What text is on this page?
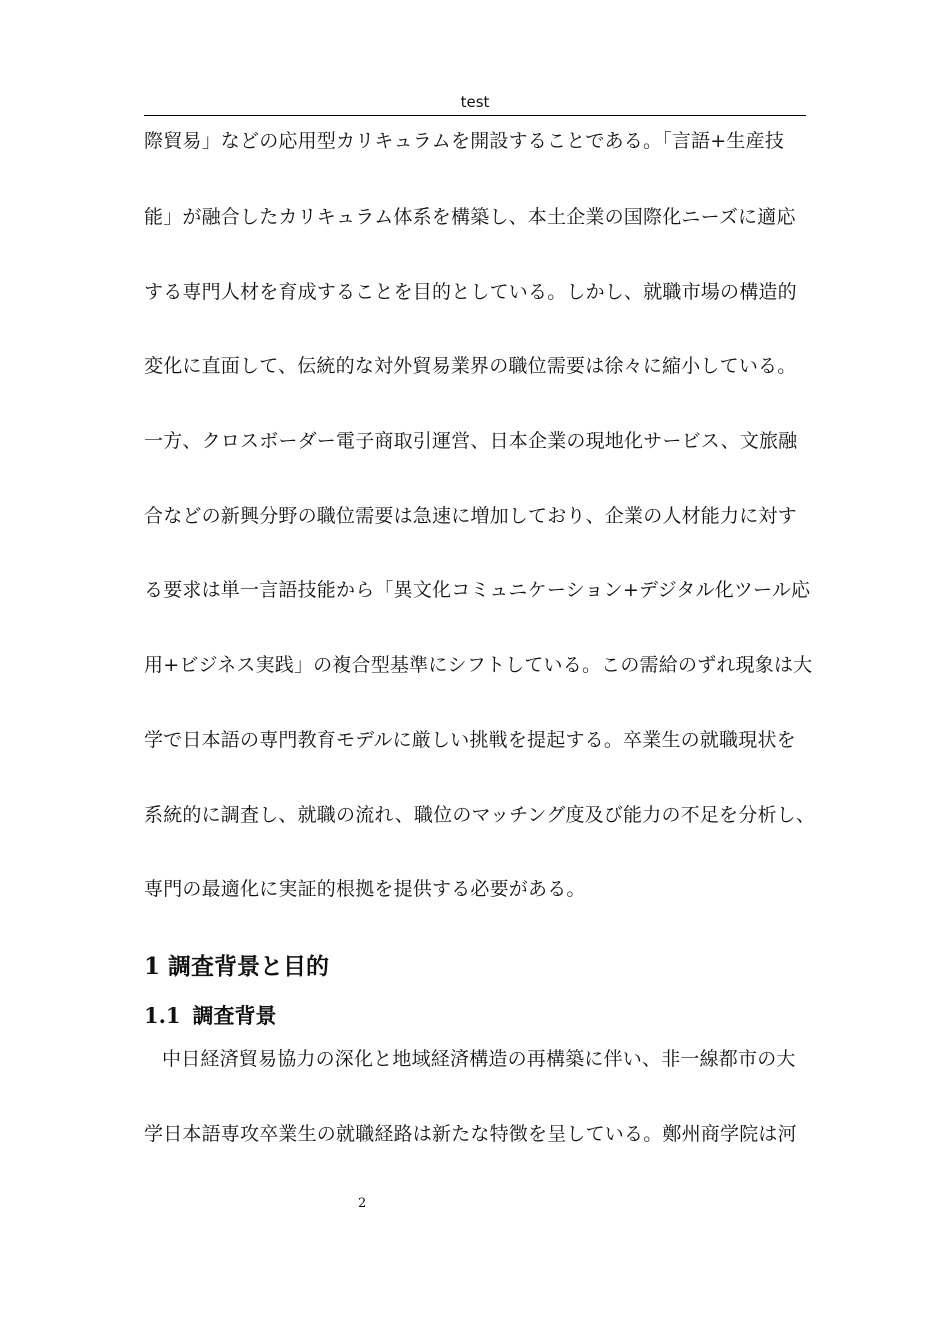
test
際貿易」などの応用型カリキュラムを開設することである。「言語+生産技
能」が融合したカリキュラム体系を構築し、本土企業の国際化ニーズに適応
する専門人材を育成することを目的としている。しかし、就職市場の構造的
変化に直面して、伝統的な対外貿易業界の職位需要は徐々に縮小している。
一方、クロスボーダー電子商取引運営、日本企業の現地化サービス、文旅融
合などの新興分野の職位需要は急速に増加しており、企業の人材能力に対す
る要求は単一言語技能から「異文化コミュニケーション+デジタル化ツール応
用+ビジネス実践」の複合型基準にシフトしている。この需給のずれ現象は大
学で日本語の専門教育モデルに厳しい挑戦を提起する。卒業生の就職現状を
系統的に調査し、就職の流れ、職位のマッチング度及び能力の不足を分析し、
専門の最適化に実証的根拠を提供する必要がある。
1 調査背景と目的
1.1 調査背景
中日経済貿易協力の深化と地域経済構造の再構築に伴い、非一線都市の大
学日本語専攻卒業生の就職経路は新たな特徴を呈している。鄭州商学院は河
2
